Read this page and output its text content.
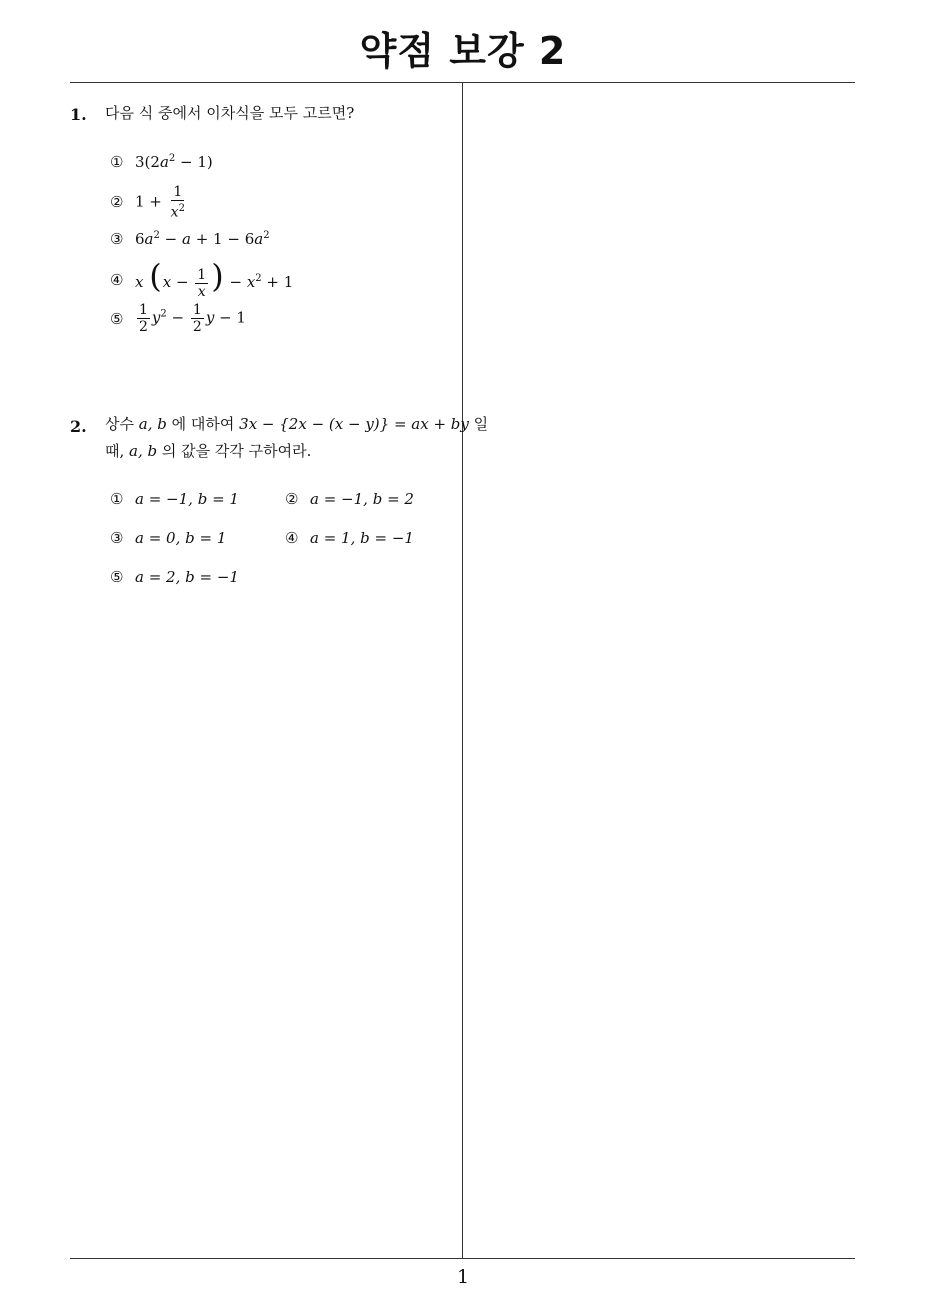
약점 보강 2
1. 다음 식 중에서 이차식을 모두 고르면?
① $3(2a^2 - 1)$
② $1 + \frac{1}{x^2}$
③ $6a^2 - a + 1 - 6a^2$
④ x ($x - \frac{1}{x}$ ) − $x^2 + 1$
⑤ $\frac{1}{2} y^2 - \frac{1}{2}$ y − 1
2. 상수 a, b 에 대하여 3x − {2x − (x − y)} = ax + by 일
때, a, b 의 값을 각각 구하여라.
① a = −1, b = 1	② a = −1, b = 2
③ a = 0, b = 1	④ a = 1, b = −1
⑤ a = 2, b = −1
1
